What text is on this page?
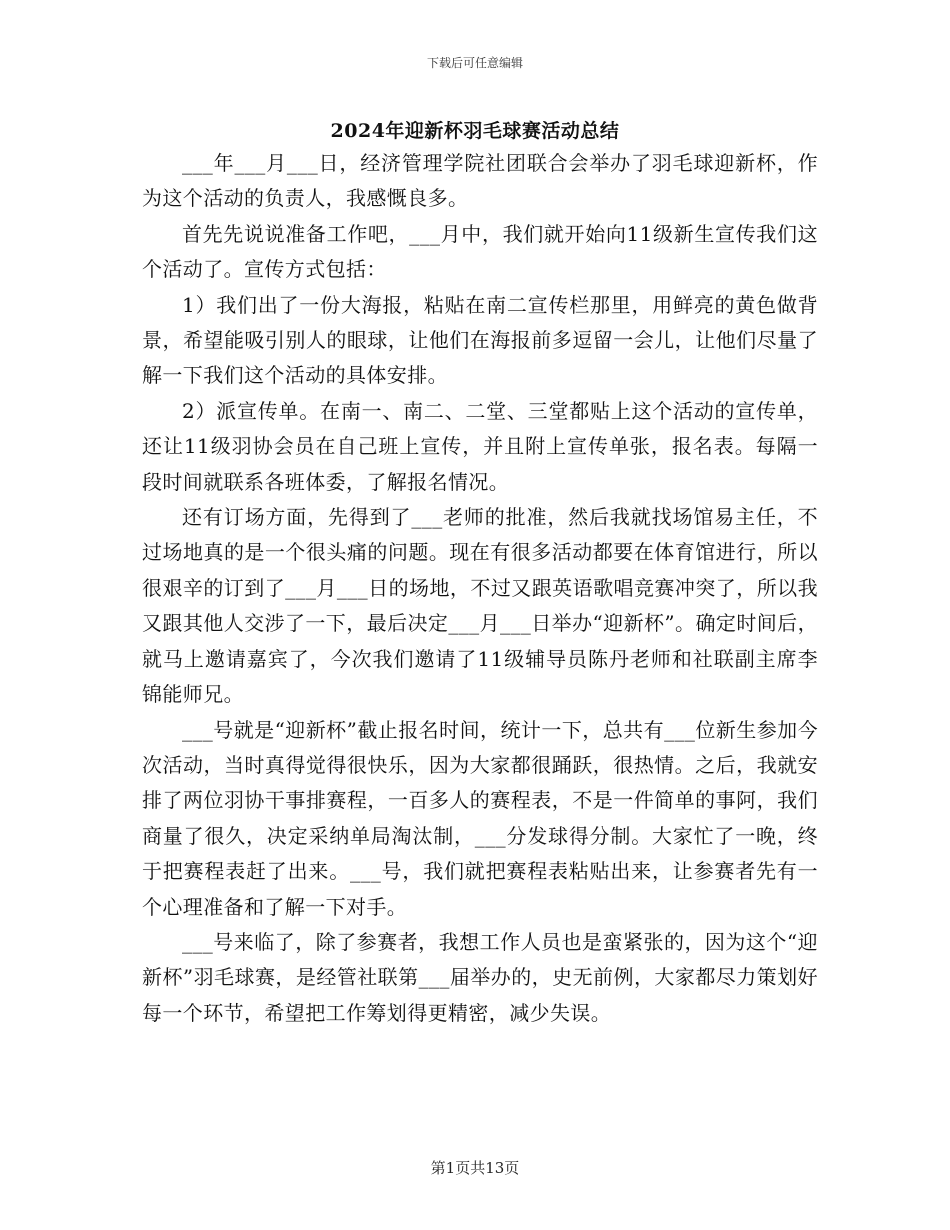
下载后可任意编辑
2024年迎新杯羽毛球赛活动总结

___年___月___日，经济管理学院社团联合会举办了羽毛球迎新杯，作为这个活动的负责人，我感慨良多。

首先先说说准备工作吧，___月中，我们就开始向11级新生宣传我们这个活动了。宣传方式包括：

1）我们出了一份大海报，粘贴在南二宣传栏那里，用鲜亮的黄色做背景，希望能吸引别人的眼球，让他们在海报前多逗留一会儿，让他们尽量了解一下我们这个活动的具体安排。

2）派宣传单。在南一、南二、二堂、三堂都贴上这个活动的宣传单，还让11级羽协会员在自己班上宣传，并且附上宣传单张，报名表。每隔一段时间就联系各班体委，了解报名情况。

还有订场方面，先得到了___老师的批准，然后我就找场馆易主任，不过场地真的是一个很头痛的问题。现在有很多活动都要在体育馆进行，所以很艰辛的订到了___月___日的场地，不过又跟英语歌唱竞赛冲突了，所以我又跟其他人交涉了一下，最后决定___月___日举办“迎新杯”。确定时间后，就马上邀请嘉宾了，今次我们邀请了11级辅导员陈丹老师和社联副主席李锦能师兄。

___号就是“迎新杯”截止报名时间，统计一下，总共有___位新生参加今次活动，当时真得觉得很快乐，因为大家都很踊跃，很热情。之后，我就安排了两位羽协干事排赛程，一百多人的赛程表，不是一件简单的事阿，我们商量了很久，决定采纳单局淘汰制，___分发球得分制。大家忙了一晚，终于把赛程表赶了出来。___号，我们就把赛程表粘贴出来，让参赛者先有一个心理准备和了解一下对手。

___号来临了，除了参赛者，我想工作人员也是蛮紧张的，因为这个“迎新杯”羽毛球赛，是经管社联第___届举办的，史无前例，大家都尽力策划好每一个环节，希望把工作筹划得更精密，减少失误。

第1页共13页
